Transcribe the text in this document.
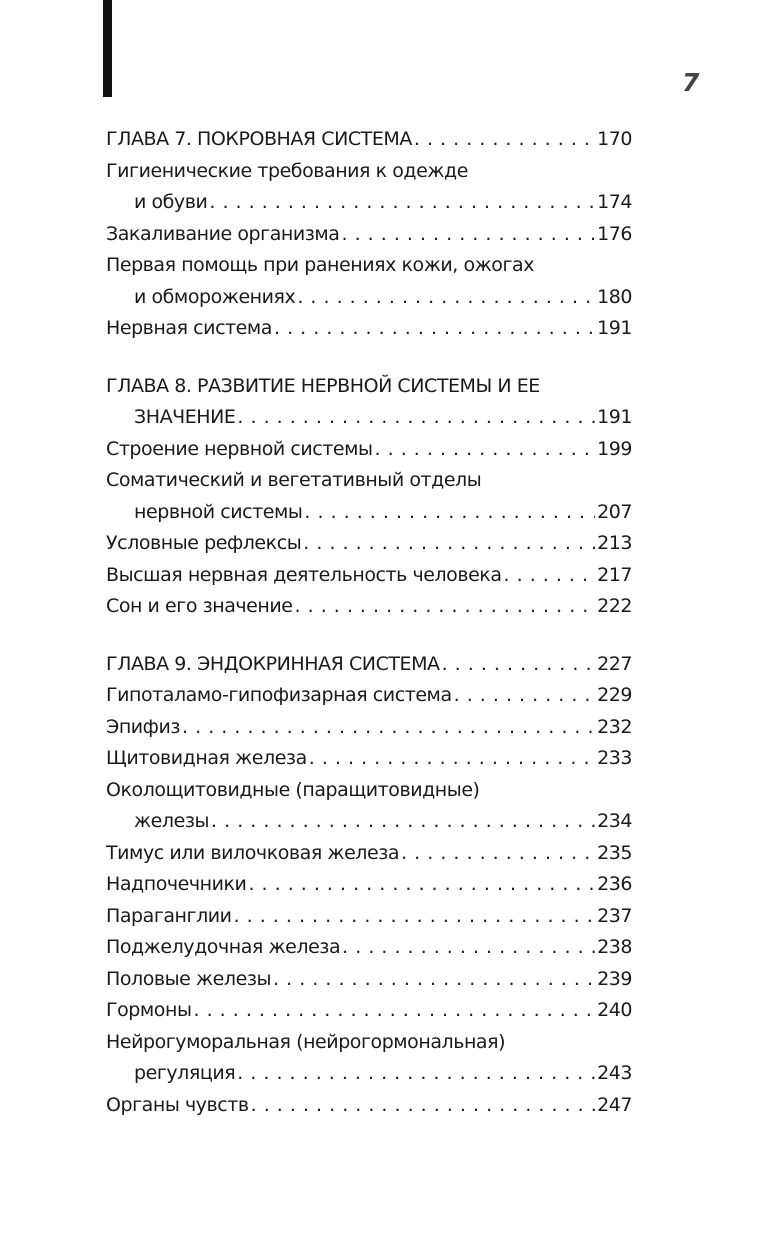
7
ГЛАВА 7. ПОКРОВНАЯ СИСТЕМА . . .	170
Гигиенические требования к одежде
и обуви . . .	174
Закаливание организма . . .	176
Первая помощь при ранениях кожи, ожогах
и обморожениях . . .	180
Нервная система . . .	191
ГЛАВА 8. РАЗВИТИЕ НЕРВНОЙ СИСТЕМЫ И ЕЕ
ЗНАЧЕНИЕ . . .	191
Строение нервной системы . . .	199
Соматический и вегетативный отделы
нервной системы . . .	207
Условные рефлексы . . .	213
Высшая нервная деятельность человека . . .	217
Сон и его значение . . .	222
ГЛАВА 9. ЭНДОКРИННАЯ СИСТЕМА . . .	227
Гипоталамо-гипофизарная система . . .	229
Эпифиз . . .	232
Щитовидная железа . . .	233
Околощитовидные (паращитовидные)
железы . . .	234
Тимус или вилочковая железа . . .	235
Надпочечники . . .	236
Параганглии . . .	237
Поджелудочная железа . . .	238
Половые железы . . .	239
Гормоны . . .	240
Нейрогуморальная (нейрогормональная)
регуляция . . .	243
Органы чувств . . .	247
